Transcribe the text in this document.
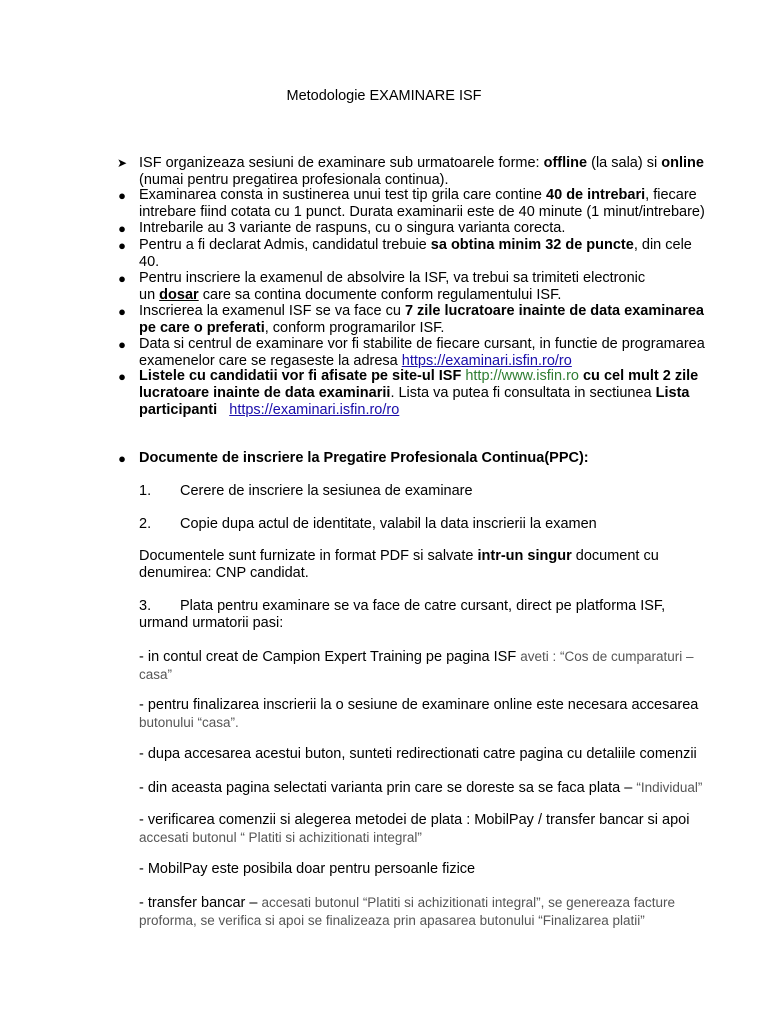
Metodologie EXAMINARE ISF
➤ ISF organizeaza sesiuni de examinare sub urmatoarele forme: offline (la sala) si online
(numai pentru pregatirea profesionala continua).
● Examinarea consta in sustinerea unui test tip grila care contine 40 de intrebari, fiecare
intrebare fiind cotata cu 1 punct. Durata examinarii este de 40 minute (1 minut/intrebare)
● Intrebarile au 3 variante de raspuns, cu o singura varianta corecta.
● Pentru a fi declarat Admis, candidatul trebuie sa obtina minim 32 de puncte, din cele
40.
● Pentru inscriere la examenul de absolvire la ISF, va trebui sa trimiteti electronic
un dosar care sa contina documente conform regulamentului ISF.
● Inscrierea la examenul ISF se va face cu 7 zile lucratoare inainte de data examinarea
pe care o preferati, conform programarilor ISF.
● Data si centrul de examinare vor fi stabilite de fiecare cursant, in functie de programarea
examenelor care se regaseste la adresa https://examinari.isfin.ro/ro
● Listele cu candidatii vor fi afisate pe site-ul ISF http://www.isfin.ro cu cel mult 2 zile
lucratoare inainte de data examinarii. Lista va putea fi consultata in sectiunea Lista
participanti https://examinari.isfin.ro/ro
● Documente de inscriere la Pregatire Profesionala Continua(PPC):
1. Cerere de inscriere la sesiunea de examinare
2. Copie dupa actul de identitate, valabil la data inscrierii la examen
Documentele sunt furnizate in format PDF si salvate intr-un singur document cu
denumirea: CNP candidat.
3. Plata pentru examinare se va face de catre cursant, direct pe platforma ISF,
urmand urmatorii pasi:
- in contul creat de Campion Expert Training pe pagina ISF aveti : “Cos de cumparaturi –
casa”
- pentru finalizarea inscrierii la o sesiune de examinare online este necesara accesarea
butonului “casa”.
- dupa accesarea acestui buton, sunteti redirectionati catre pagina cu detaliile comenzii
- din aceasta pagina selectati varianta prin care se doreste sa se faca plata – “Individual”
- verificarea comenzii si alegerea metodei de plata : MobilPay / transfer bancar si apoi
accesati butonul “ Platiti si achizitionati integral”
- MobilPay este posibila doar pentru persoanle fizice
- transfer bancar – accesati butonul “Platiti si achizitionati integral”, se genereaza facture
proforma, se verifica si apoi se finalizeaza prin apasarea butonului “Finalizarea platii”
